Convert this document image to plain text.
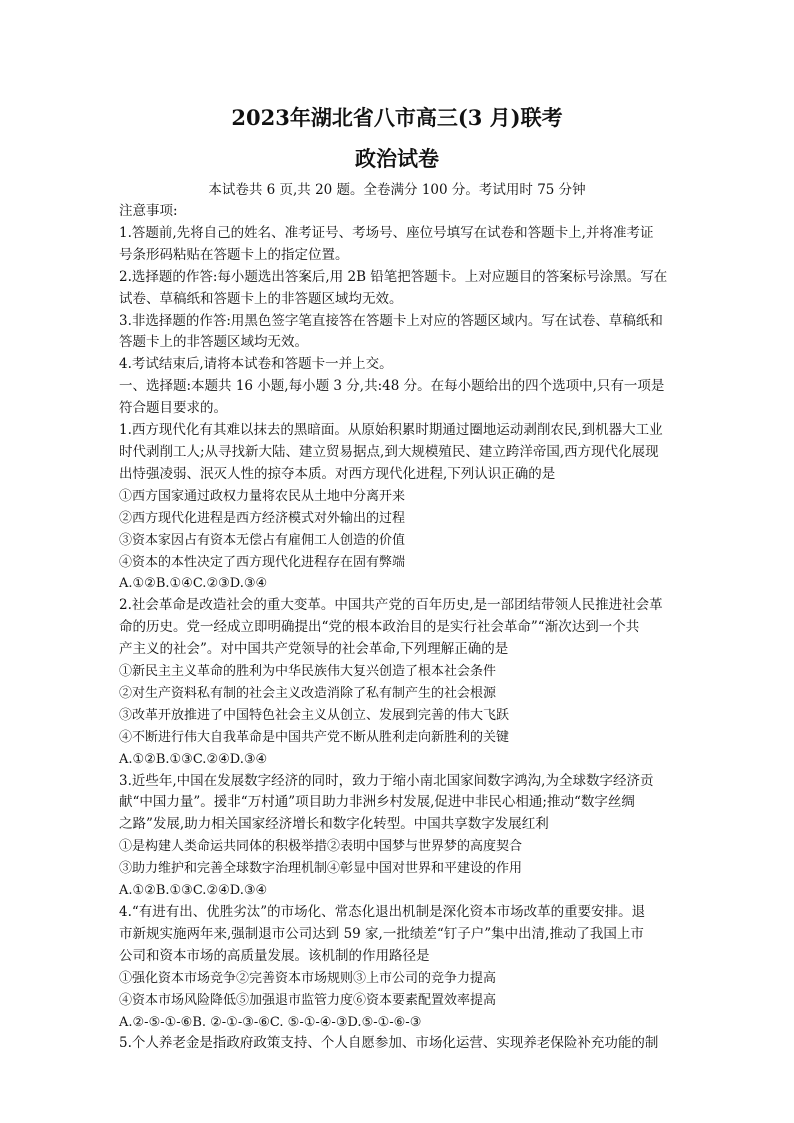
2023年湖北省八市高三(3 月)联考
政治试卷
本试卷共 6 页,共 20 题。全卷满分 100 分。考试用时 75 分钟
注意事项:
1.答题前,先将自己的姓名、准考证号、考场号、座位号填写在试卷和答题卡上,并将准考证
号条形码粘贴在答题卡上的指定位置。
2.选择题的作答:每小题选出答案后,用 2B 铅笔把答题卡。上对应题目的答案标号涂黑。写在
试卷、草稿纸和答题卡上的非答题区域均无效。
3.非选择题的作答:用黑色签字笔直接答在答题卡上对应的答题区域内。写在试卷、草稿纸和
答题卡上的非答题区域均无效。
4.考试结束后,请将本试卷和答题卡一并上交。
一、选择题:本题共 16 小题,每小题 3 分,共:48 分。在每小题给出的四个选项中,只有一项是
符合题目要求的。
1.西方现代化有其难以抹去的黑暗面。从原始积累时期通过圈地运动剥削农民,到机器大工业
时代剥削工人;从寻找新大陆、建立贸易据点,到大规模殖民、建立跨洋帝国,西方现代化展现
出恃强凌弱、泯灭人性的掠夺本质。对西方现代化进程,下列认识正确的是
①西方国家通过政权力量将农民从土地中分离开来
②西方现代化进程是西方经济模式对外输出的过程
③资本家因占有资本无偿占有雇佣工人创造的价值
④资本的本性决定了西方现代化进程存在固有弊端
A.①②B.①④C.②③D.③④
2.社会革命是改造社会的重大变革。中国共产党的百年历史,是一部团结带领人民推进社会革
命的历史。党一经成立即明确提出“党的根本政治目的是实行社会革命”“渐次达到一个共
产主义的社会”。对中国共产党领导的社会革命,下列理解正确的是
①新民主主义革命的胜利为中华民族伟大复兴创造了根本社会条件
②对生产资料私有制的社会主义改造消除了私有制产生的社会根源
③改革开放推进了中国特色社会主义从创立、发展到完善的伟大飞跃
④不断进行伟大自我革命是中国共产党不断从胜利走向新胜利的关键
A.①②B.①③C.②④D.③④
3.近些年,中国在发展数字经济的同时，致力于缩小南北国家间数字鸿沟,为全球数字经济贡
献“中国力量”。援非“万村通”项目助力非洲乡村发展,促进中非民心相通;推动“数字丝绸
之路”发展,助力相关国家经济增长和数字化转型。中国共享数字发展红利
①是构建人类命运共同体的积极举措②表明中国梦与世界梦的高度契合
③助力维护和完善全球数字治理机制④彰显中国对世界和平建设的作用
A.①②B.①③C.②④D.③④
4.“有进有出、优胜劣汰”的市场化、常态化退出机制是深化资本市场改革的重要安排。退
市新规实施两年来,强制退市公司达到 59 家,一批绩差“钉子户”集中出清,推动了我国上市
公司和资本市场的高质量发展。该机制的作用路径是
①强化资本市场竞争②完善资本市场规则③上市公司的竞争力提高
④资本市场风险降低⑤加强退市监管力度⑥资本要素配置效率提高
A.②-⑤-①-⑥B. ②-①-③-⑥C. ⑤-①-④-③D.⑤-①-⑥-③
5.个人养老金是指政府政策支持、个人自愿参加、市场化运营、实现养老保险补充功能的制
